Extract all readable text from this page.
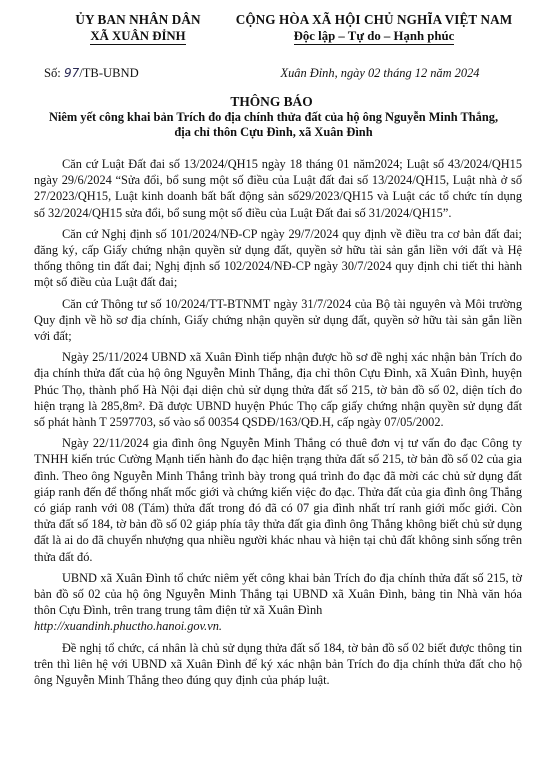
ỦY BAN NHÂN DÂN
XÃ XUÂN ĐỈNH
CỘNG HÒA XÃ HỘI CHỦ NGHĨA VIỆT NAM
Độc lập – Tự do – Hạnh phúc
Số: 97/TB-UBND	Xuân Đỉnh, ngày 02 tháng 12 năm 2024
THÔNG BÁO
Niêm yết công khai bản Trích đo địa chính thửa đất của hộ ông Nguyễn Minh Thắng, địa chỉ thôn Cựu Đình, xã Xuân Đình

Căn cứ Luật Đất đai số 13/2024/QH15 ngày 18 tháng 01 năm2024; Luật số 43/2024/QH15 ngày 29/6/2024 “Sửa đổi, bổ sung một số điều của Luật đất đai số 13/2024/QH15, Luật nhà ở số 27/2023/QH15, Luật kinh doanh bất bất động sản số29/2023/QH15 và Luật các tổ chức tín dụng số 32/2024/QH15 sửa đổi, bổ sung một số điều của Luật Đất đai số 31/2024/QH15”.

Căn cứ Nghị định số 101/2024/NĐ-CP ngày 29/7/2024 quy định về điều tra cơ bản đất đai; đăng ký, cấp Giấy chứng nhận quyền sử dụng đất, quyền sở hữu tài sản gắn liền với đất và Hệ thống thông tin đất đai; Nghị định số 102/2024/NĐ-CP ngày 30/7/2024 quy định chi tiết thi hành một số điều của Luật đất đai;

Căn cứ Thông tư số 10/2024/TT-BTNMT ngày 31/7/2024 của Bộ tài nguyên và Môi trường Quy định về hồ sơ địa chính, Giấy chứng nhận quyền sử dụng đất, quyền sở hữu tài sản gắn liền với đất;

Ngày 25/11/2024 UBND xã Xuân Đình tiếp nhận được hồ sơ đề nghị xác nhận bản Trích đo địa chính thửa đất của hộ ông Nguyễn Minh Thắng, địa chỉ thôn Cựu Đình, xã Xuân Đình, huyện Phúc Thọ, thành phố Hà Nội đại diện chủ sử dụng thửa đất số 215, tờ bản đồ số 02, diện tích đo hiện trạng là 285,8m². Đã được UBND huyện Phúc Thọ cấp giấy chứng nhận quyền sử dụng đất số phát hành T 2597703, số vào sổ 00354 QSDĐ/163/QĐ.H, cấp ngày 07/05/2002.

Ngày 22/11/2024 gia đình ông Nguyễn Minh Thắng có thuê đơn vị tư vấn đo đạc Công ty TNHH kiến trúc Cường Mạnh tiến hành đo đạc hiện trạng thửa đất số 215, tờ bản đồ số 02 của gia đình. Theo ông Nguyễn Minh Thắng trình bày trong quá trình đo đạc đã mời các chủ sử dụng đất giáp ranh đến để thống nhất mốc giới và chứng kiến việc đo đạc. Thửa đất của gia đình ông Thắng có giáp ranh với 08 (Tám) thửa đất trong đó đã có 07 gia đình nhất trí ranh giới mốc giới. Còn thửa đất số 184, tờ bản đồ số 02 giáp phía tây thửa đất gia đình ông Thắng không biết chủ sử dụng đất là ai do đã chuyển nhượng qua nhiều người khác nhau và hiện tại chủ đất không sinh sống trên thửa đất đó.

UBND xã Xuân Đình tổ chức niêm yết công khai bản Trích đo địa chính thửa đất số 215, tờ bản đồ số 02 của hộ ông Nguyễn Minh Thắng tại UBND xã Xuân Đình, bảng tin Nhà văn hóa thôn Cựu Đình, trên trang trung tâm điện tử xã Xuân Đình

http://xuandinh.phuctho.hanoi.gov.vn.

Đề nghị tổ chức, cá nhân là chủ sử dụng thửa đất số 184, tờ bản đồ số 02 biết được thông tin trên thì liên hệ với UBND xã Xuân Đình để ký xác nhận bản Trích đo địa chính thửa đất cho hộ ông Nguyễn Minh Thắng theo đúng quy định của pháp luật.
